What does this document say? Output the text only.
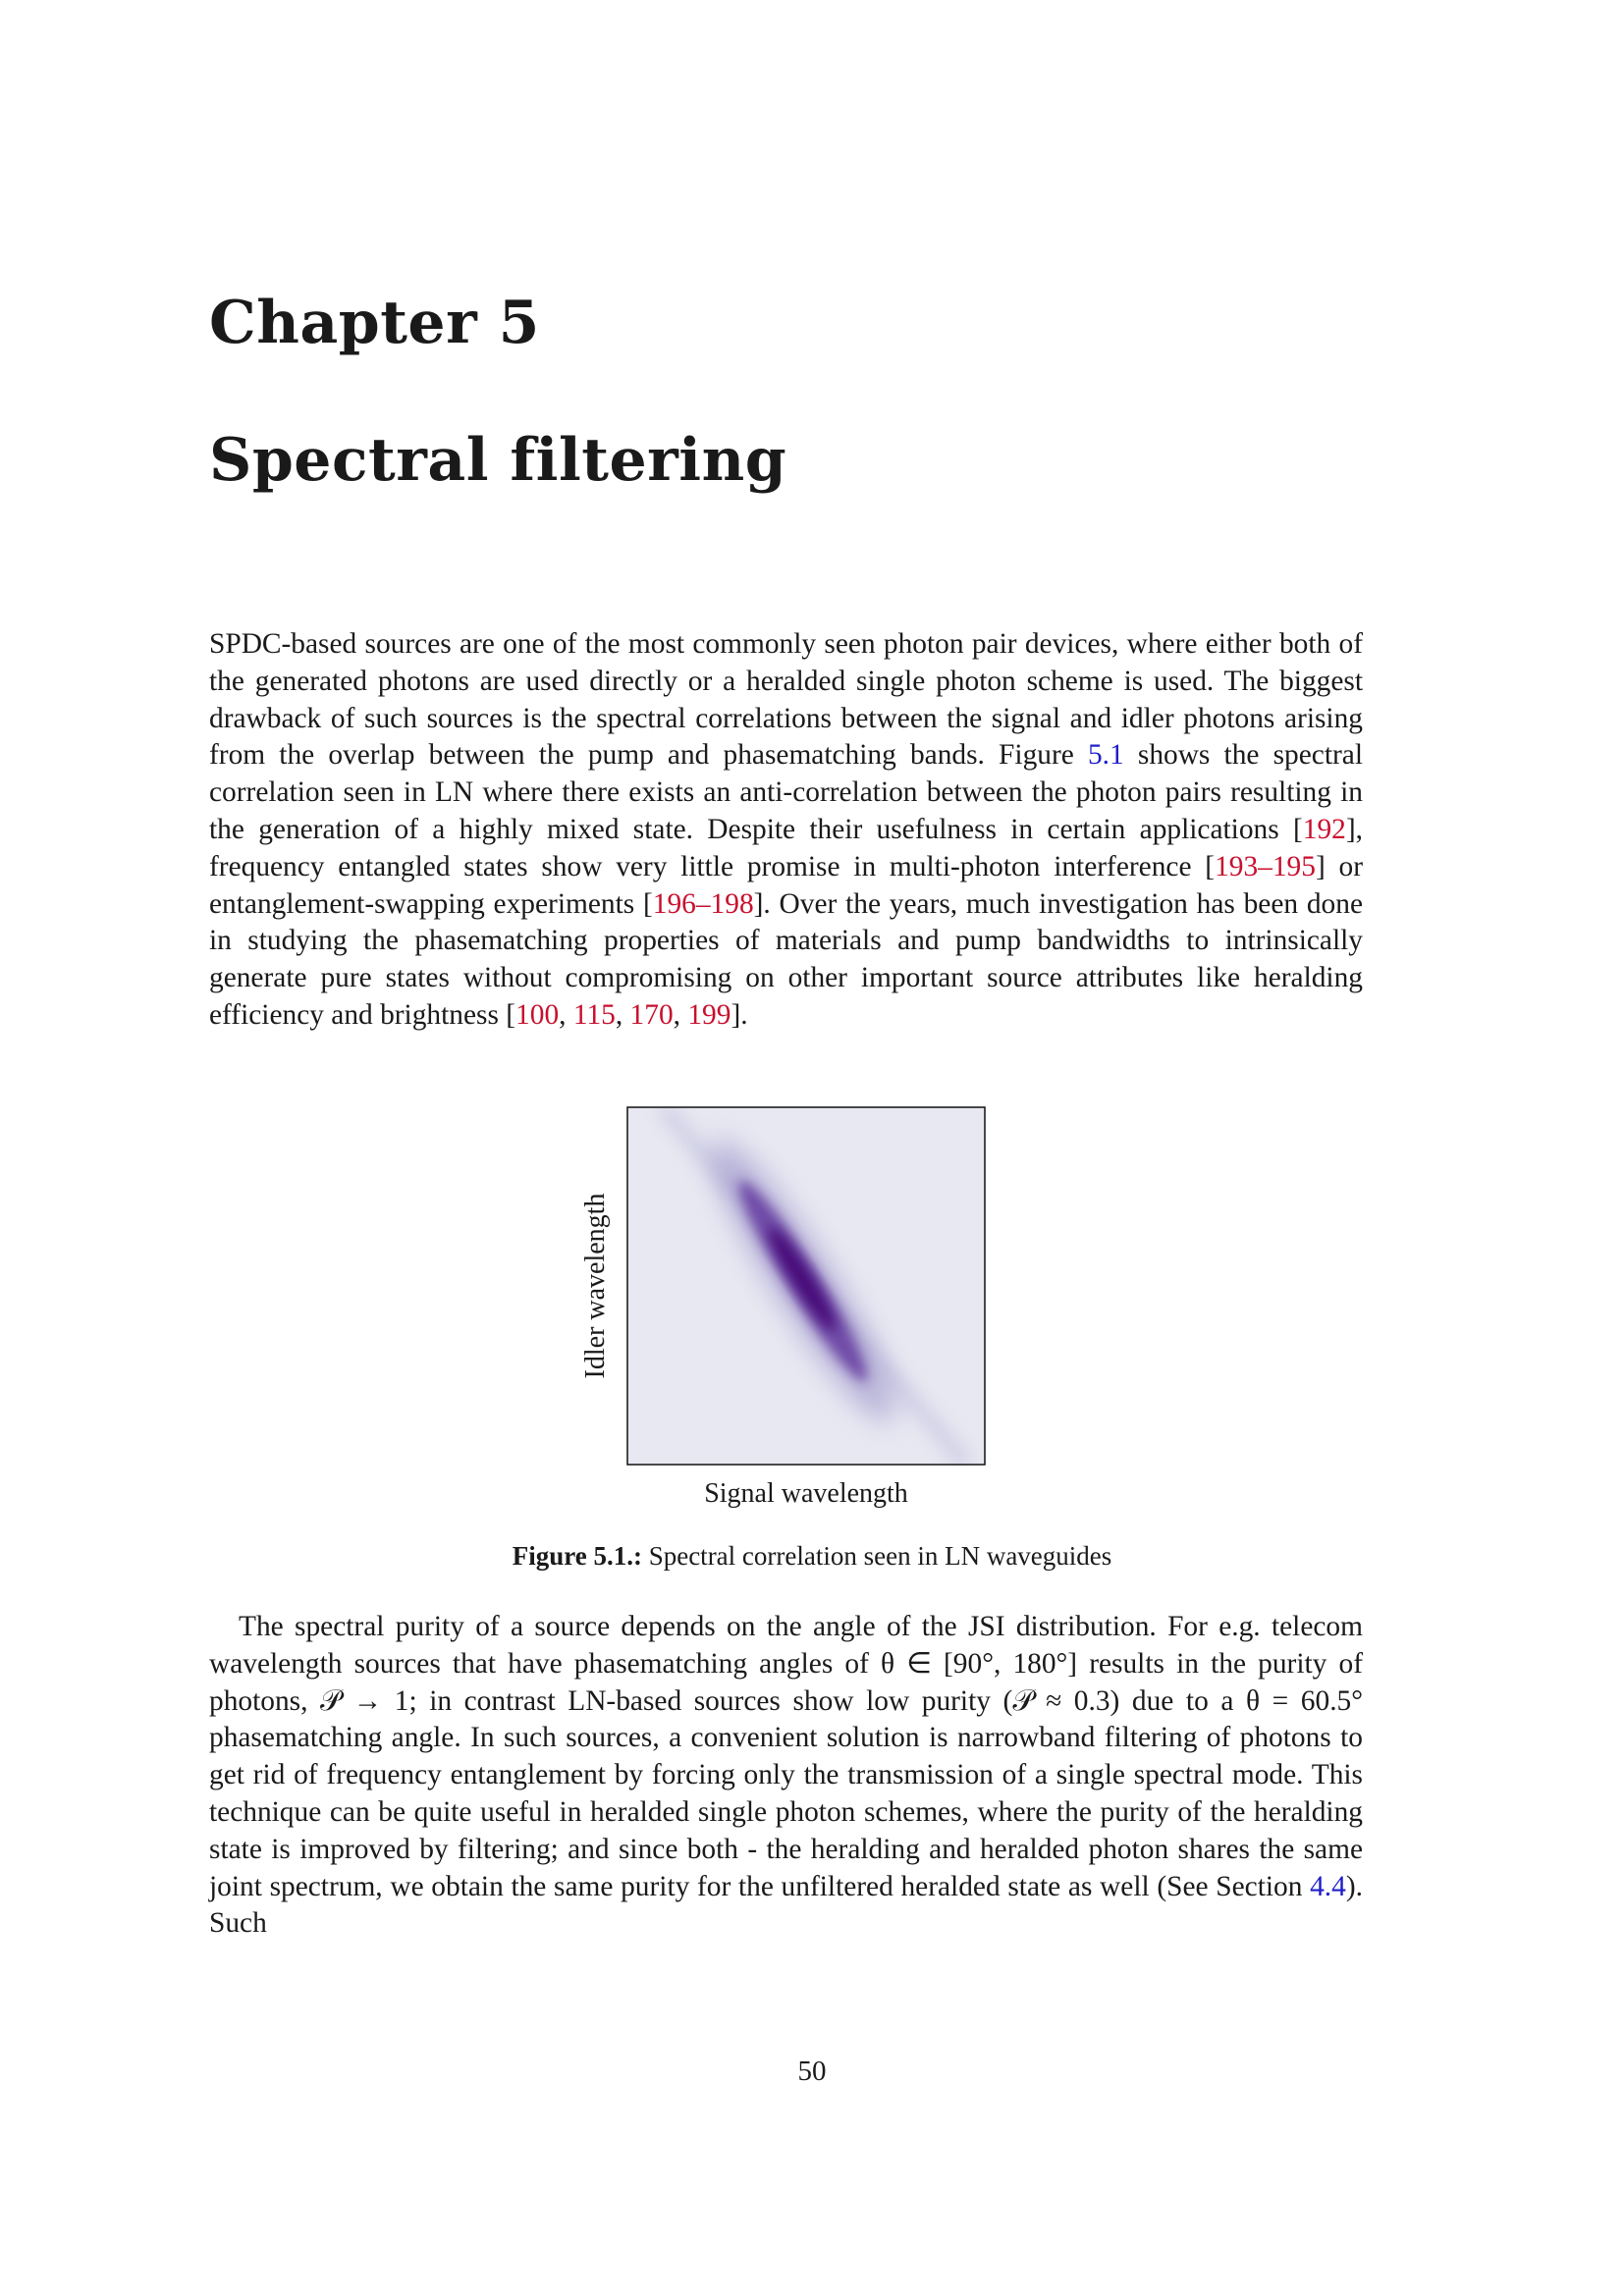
Chapter 5
Spectral filtering

SPDC-based sources are one of the most commonly seen photon pair devices, where either both of the generated photons are used directly or a heralded single photon scheme is used. The biggest drawback of such sources is the spectral correlations between the signal and idler photons arising from the overlap between the pump and phasematching bands. Figure 5.1 shows the spectral correlation seen in LN where there exists an anti-correlation between the photon pairs resulting in the generation of a highly mixed state. Despite their usefulness in certain applications [192], frequency entangled states show very little promise in multi-photon interference [193–195] or entanglement-swapping experiments [196–198]. Over the years, much investigation has been done in studying the phasematching properties of materials and pump bandwidths to intrinsically generate pure states without compromising on other important source attributes like heralding efficiency and brightness [100, 115, 170, 199].

Signal wavelength
Idler wavelength

Figure 5.1.: Spectral correlation seen in LN waveguides

The spectral purity of a source depends on the angle of the JSI distribution. For e.g. telecom wavelength sources that have phasematching angles of θ ∈ [90°, 180°] results in the purity of photons, 𝒫 → 1; in contrast LN-based sources show low purity (𝒫 ≈ 0.3) due to a θ = 60.5° phasematching angle. In such sources, a convenient solution is narrowband filtering of photons to get rid of frequency entanglement by forcing only the transmission of a single spectral mode. This technique can be quite useful in heralded single photon schemes, where the purity of the heralding state is improved by filtering; and since both - the heralding and heralded photon shares the same joint spectrum, we obtain the same purity for the unfiltered heralded state as well (See Section 4.4). Such

50
